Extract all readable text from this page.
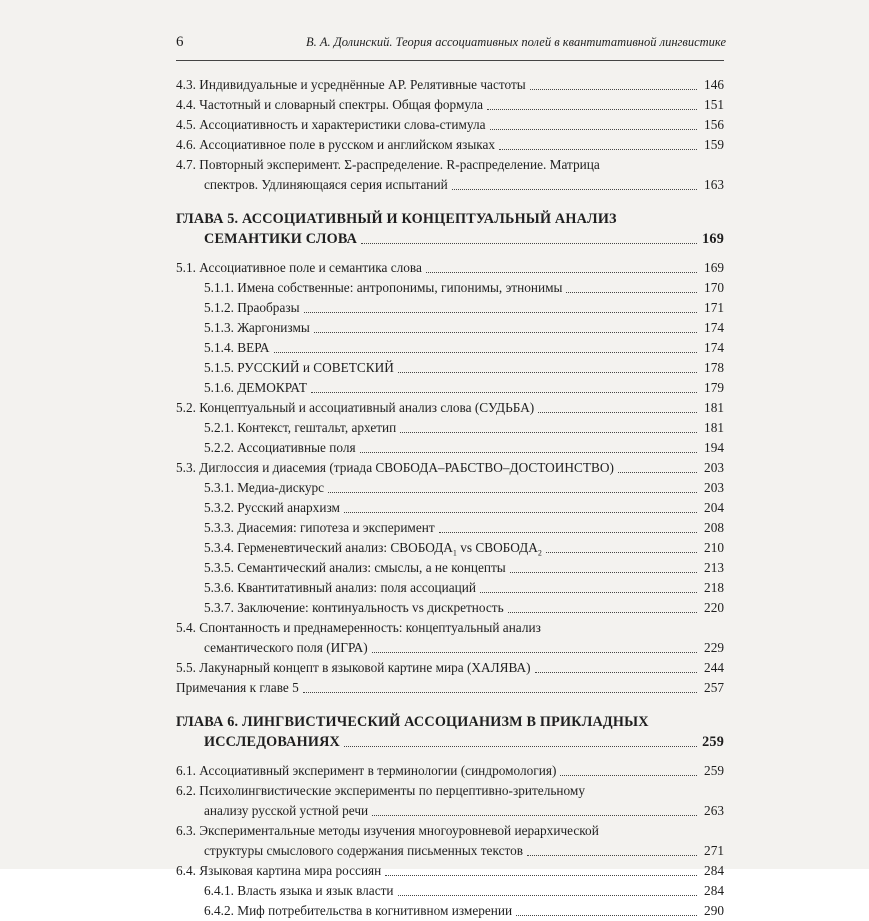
6	В. А. Долинский. Теория ассоциативных полей в квантитативной лингвистике
4.3. Индивидуальные и усреднённые АР. Релятивные частоты	146
4.4. Частотный и словарный спектры. Общая формула	151
4.5. Ассоциативность и характеристики слова-стимула	156
4.6. Ассоциативное поле в русском и английском языках	159
4.7. Повторный эксперимент. Σ-распределение. R-распределение. Матрица
спектров. Удлиняющаяся серия испытаний	163
ГЛАВА 5. АССОЦИАТИВНЫЙ И КОНЦЕПТУАЛЬНЫЙ АНАЛИЗ
СЕМАНТИКИ СЛОВА	169
5.1. Ассоциативное поле и семантика слова	169
5.1.1. Имена собственные: антропонимы, гипонимы, этнонимы	170
5.1.2. Праобразы	171
5.1.3. Жаргонизмы	174
5.1.4. ВЕРА	174
5.1.5. РУССКИЙ и СОВЕТСКИЙ	178
5.1.6. ДЕМОКРАТ	179
5.2. Концептуальный и ассоциативный анализ слова (СУДЬБА)	181
5.2.1. Контекст, гештальт, архетип	181
5.2.2. Ассоциативные поля	194
5.3. Диглоссия и диасемия (триада СВОБОДА–РАБСТВО–ДОСТОИНСТВО)	203
5.3.1. Медиа-дискурс	203
5.3.2. Русский анархизм	204
5.3.3. Диасемия: гипотеза и эксперимент	208
5.3.4. Герменевтический анализ: $СВОБОДА_1$ vs $СВОБОДА_2$	210
5.3.5. Семантический анализ: смыслы, а не концепты	213
5.3.6. Квантитативный анализ: поля ассоциаций	218
5.3.7. Заключение: континуальность vs дискретность	220
5.4. Спонтанность и преднамеренность: концептуальный анализ
семантического поля (ИГРА)	229
5.5. Лакунарный концепт в языковой картине мира (ХАЛЯВА)	244
Примечания к главе 5	257
ГЛАВА 6. ЛИНГВИСТИЧЕСКИЙ АССОЦИАНИЗМ В ПРИКЛАДНЫХ
ИССЛЕДОВАНИЯХ	259
6.1. Ассоциативный эксперимент в терминологии (синдромология)	259
6.2. Психолингвистические эксперименты по перцептивно-зрительному
анализу русской устной речи	263
6.3. Экспериментальные методы изучения многоуровневой иерархической
структуры смыслового содержания письменных текстов	271
6.4. Языковая картина мира россиян	284
6.4.1. Власть языка и язык власти	284
6.4.2. Миф потребительства в когнитивном измерении	290
